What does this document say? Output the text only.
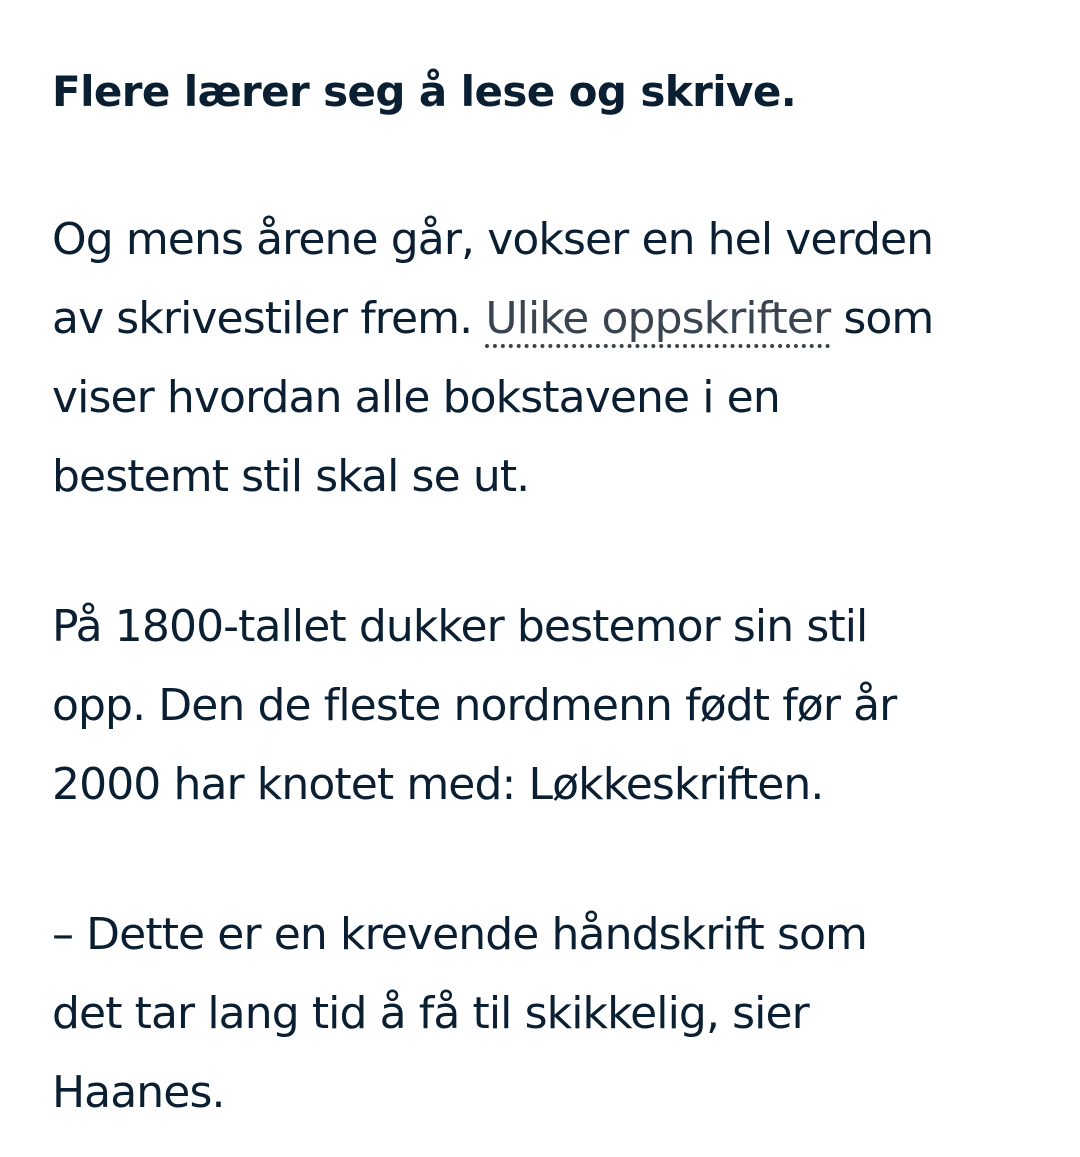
Flere lærer seg å lese og skrive.

Og mens årene går, vokser en hel verden
av skrivestiler frem. Ulike oppskrifter som
viser hvordan alle bokstavene i en
bestemt stil skal se ut.

På 1800-tallet dukker bestemor sin stil
opp. Den de fleste nordmenn født før år
2000 har knotet med: Løkkeskriften.

– Dette er en krevende håndskrift som
det tar lang tid å få til skikkelig, sier
Haanes.
